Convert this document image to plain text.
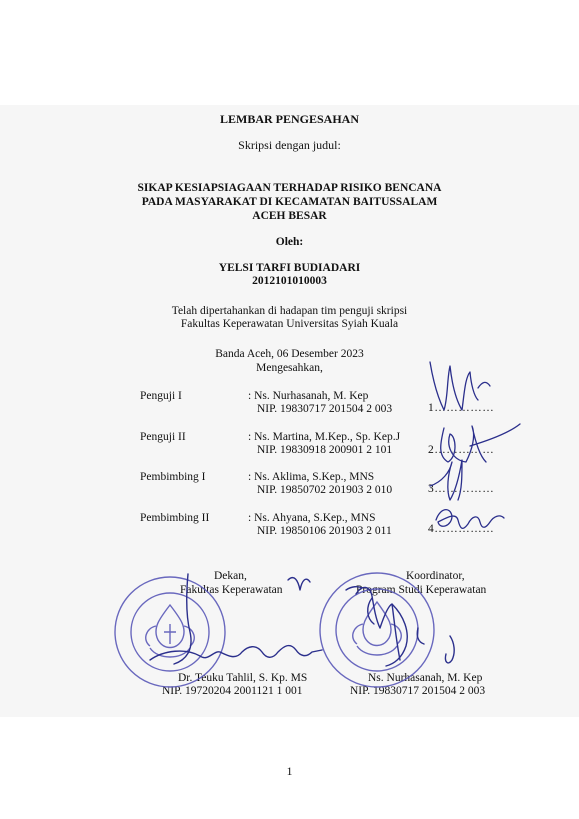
LEMBAR PENGESAHAN
Skripsi dengan judul:
SIKAP KESIAPSIAGAAN TERHADAP RISIKO BENCANA
PADA MASYARAKAT DI KECAMATAN BAITUSSALAM
ACEH BESAR
Oleh:
YELSI TARFI BUDIADARI
2012101010003
Telah dipertahankan di hadapan tim penguji skripsi
Fakultas Keperawatan Universitas Syiah Kuala
Banda Aceh, 06 Desember 2023
Mengesahkan,
Penguji I	: Ns. Nurhasanah, M. Kep
NIP. 19830717 201504 2 003	1……………
Penguji II	: Ns. Martina, M.Kep., Sp. Kep.J
NIP. 19830918 200901 2 101	2……………
Pembimbing I	: Ns. Aklima, S.Kep., MNS
NIP. 19850702 201903 2 010	3……………
Pembimbing II	: Ns. Ahyana, S.Kep., MNS
NIP. 19850106 201903 2 011	4……………
Dekan,
Fakultas Keperawatan
Dr. Teuku Tahlil, S. Kp. MS
NIP. 19720204 2001121 1 001
Koordinator,
Program Studi Keperawatan
Ns. Nurhasanah, M. Kep
NIP. 19830717 201504 2 003
1
